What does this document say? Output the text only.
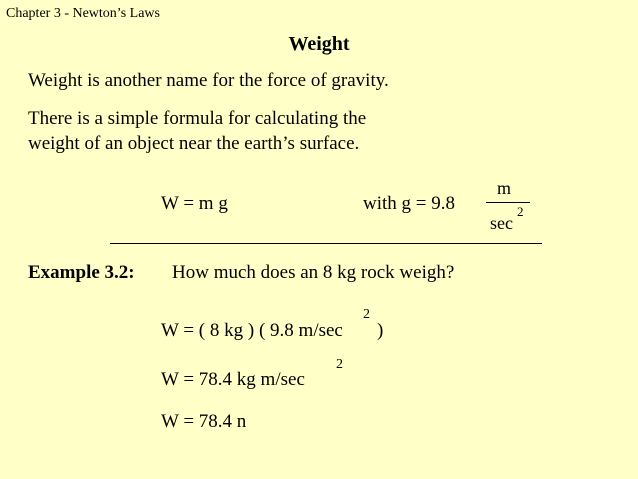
Chapter 3 - Newton’s Laws
Weight
Weight is another name for the force of gravity.
There is a simple formula for calculating the
weight of an object near the earth’s surface.
W = m g	with g = 9.8
m
sec
2
Example 3.2: How much does an 8 kg rock weigh?
W = ( 8 kg ) ( 9.8 m/sec
2
)
W = 78.4 kg m/sec
2
W = 78.4 n
